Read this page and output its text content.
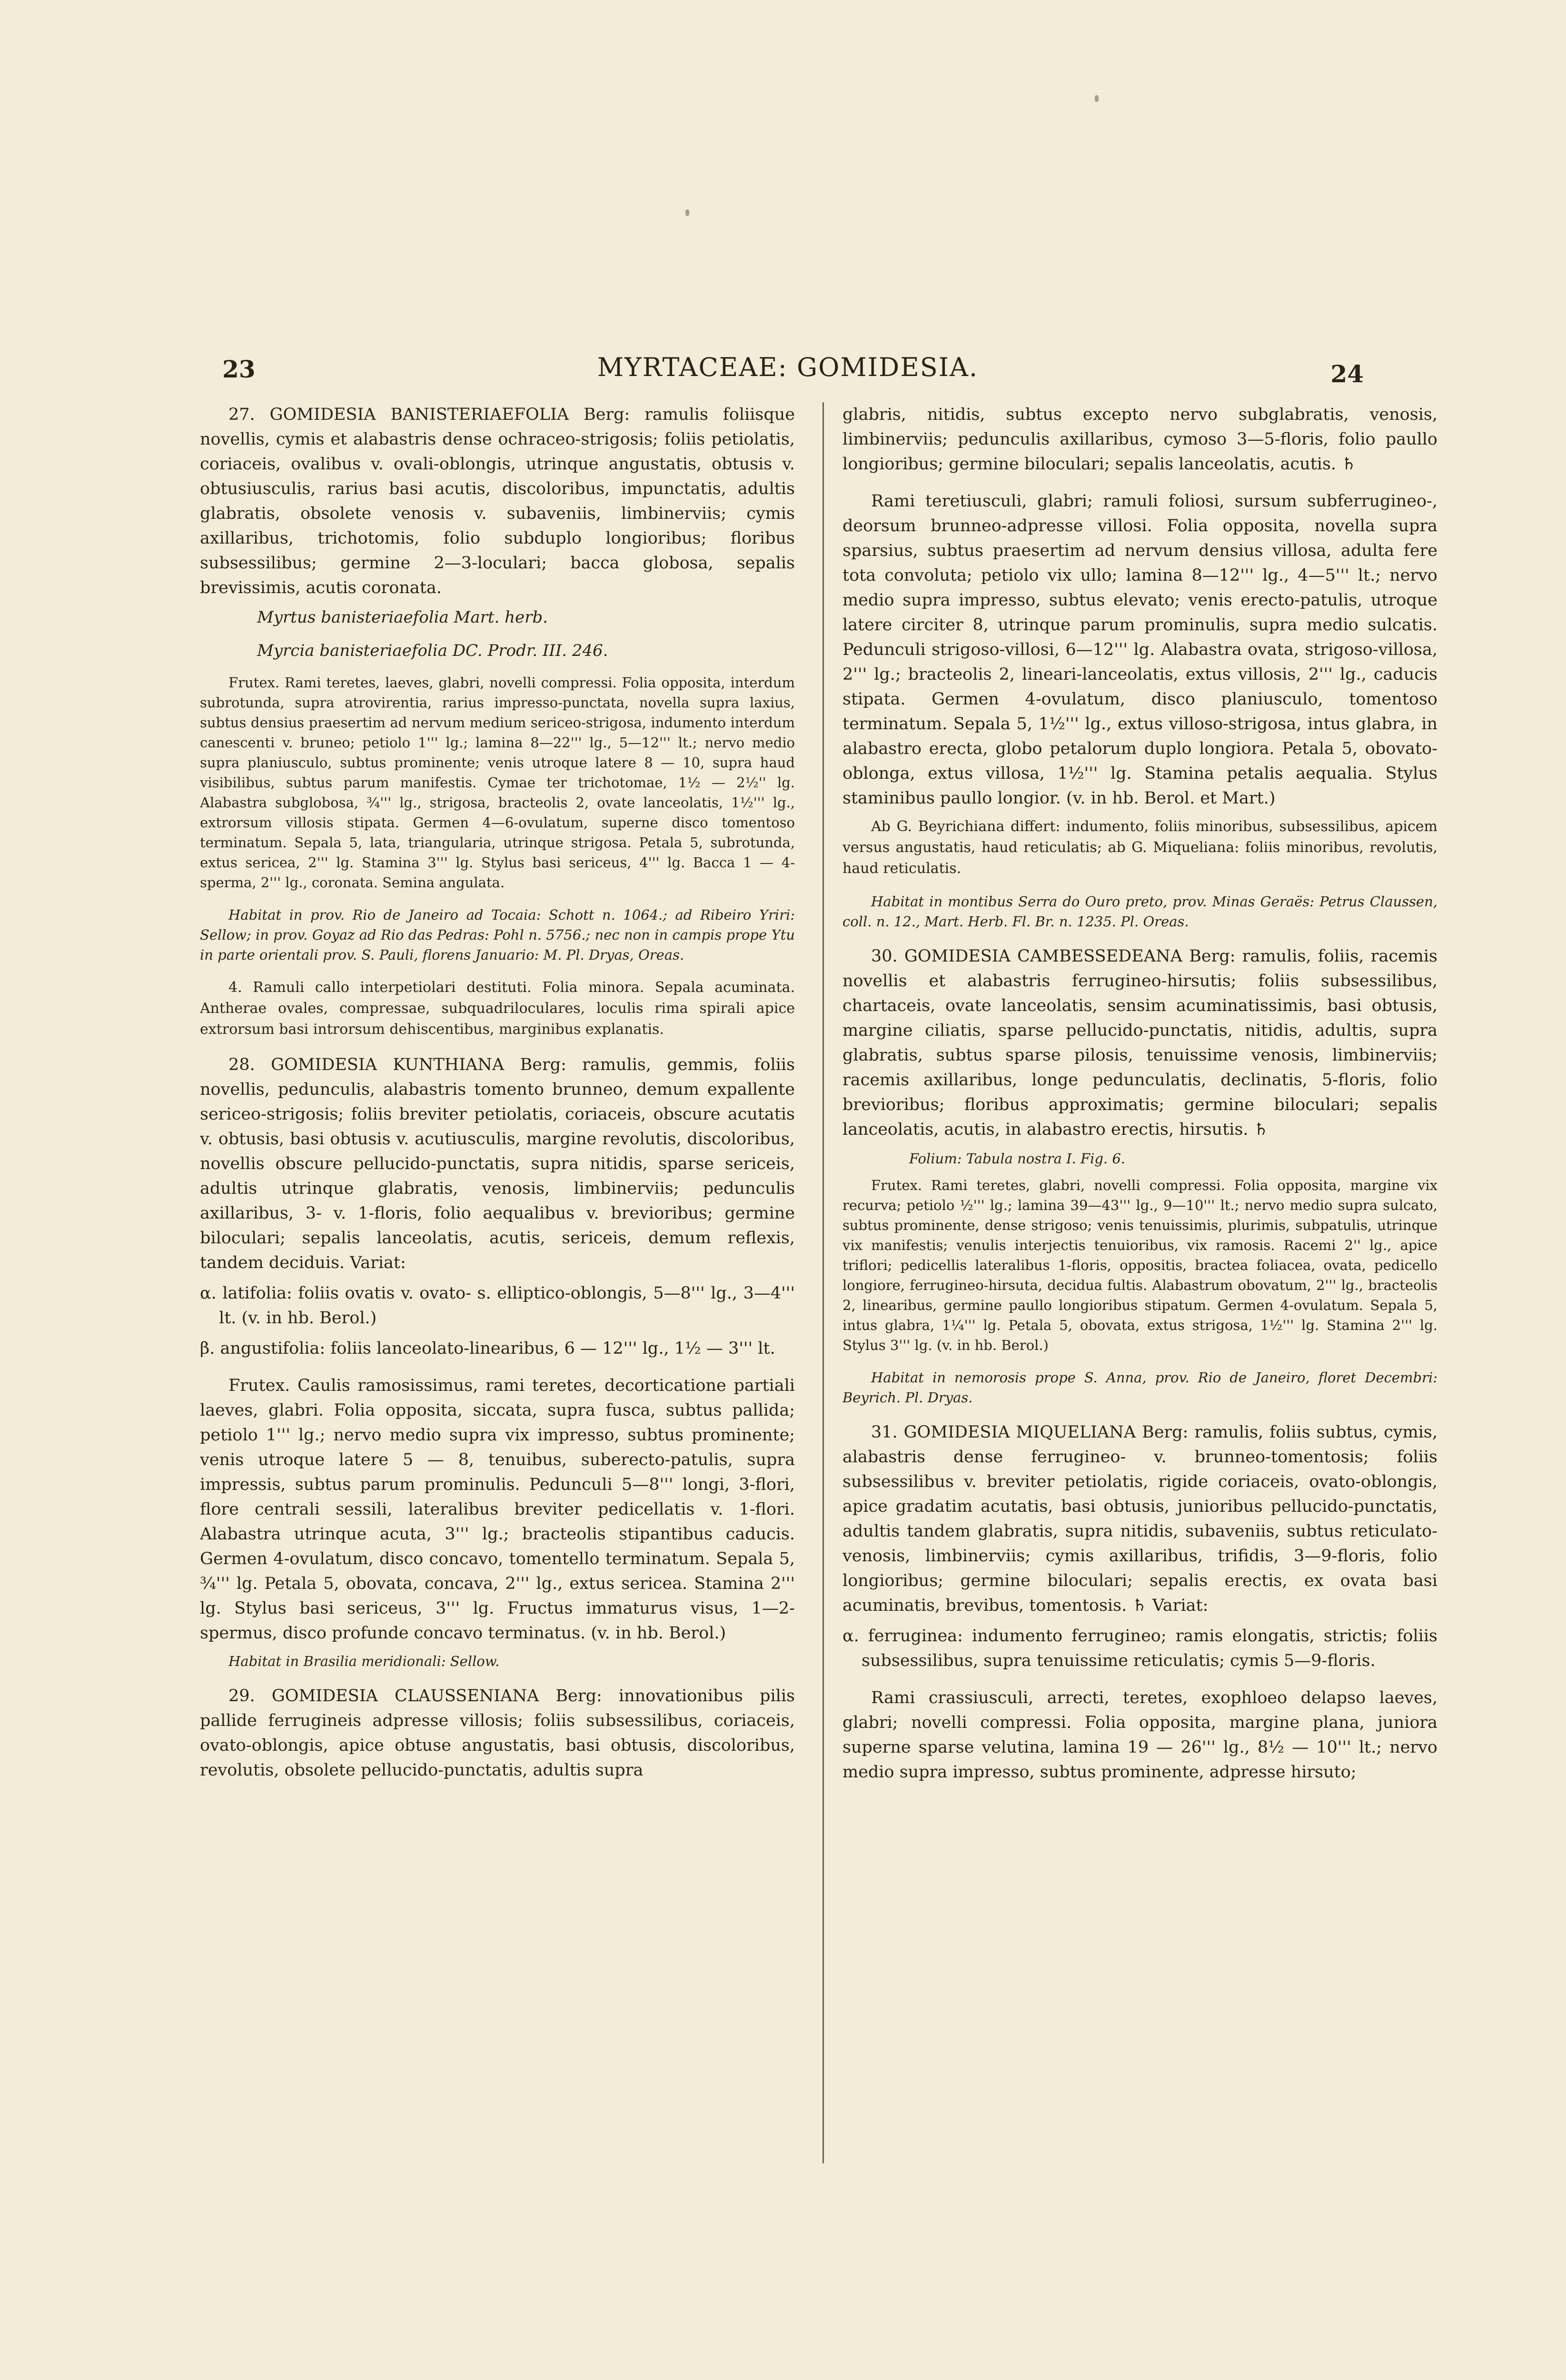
23	MYRTACEAE: GOMIDESIA.	24

27. GOMIDESIA BANISTERIAEFOLIA Berg: ramulis foliisque novellis, cymis et alabastris dense ochraceo-strigosis; foliis petiolatis, coriaceis, ovalibus v. ovali-oblongis, utrinque angustatis, obtusis v. obtusiusculis, rarius basi acutis, discoloribus, impunctatis, adultis glabratis, obsolete venosis v. subaveniis, limbinerviis; cymis axillaribus, trichotomis, folio subduplo longioribus; floribus subsessilibus; germine 2—3-loculari; bacca globosa, sepalis brevissimis, acutis coronata.

Myrtus banisteriaefolia Mart. herb.

Myrcia banisteriaefolia DC. Prodr. III. 246.

Frutex. Rami teretes, laeves, glabri, novelli compressi. Folia opposita, interdum subrotunda, supra atrovirentia, rarius impresso-punctata, novella supra laxius, subtus densius praesertim ad nervum medium sericeo-strigosa, indumento interdum canescenti v. bruneo; petiolo 1''' lg.; lamina 8—22''' lg., 5—12''' lt.; nervo medio supra planiusculo, subtus prominente; venis utroque latere 8 — 10, supra haud visibilibus, subtus parum manifestis. Cymae ter trichotomae, 1½ — 2½'' lg. Alabastra subglobosa, ¾''' lg., strigosa, bracteolis 2, ovate lanceolatis, 1½''' lg., extrorsum villosis stipata. Germen 4—6-ovulatum, superne disco tomentoso terminatum. Sepala 5, lata, triangularia, utrinque strigosa. Petala 5, subrotunda, extus sericea, 2''' lg. Stamina 3''' lg. Stylus basi sericeus, 4''' lg. Bacca 1 — 4-sperma, 2''' lg., coronata. Semina angulata.

Habitat in prov. Rio de Janeiro ad Tocaia: Schott n. 1064.; ad Ribeiro Yriri: Sellow; in prov. Goyaz ad Rio das Pedras: Pohl n. 5756.; nec non in campis prope Ytu in parte orientali prov. S. Pauli, florens Januario: M. Pl. Dryas, Oreas.

4. Ramuli callo interpetiolari destituti. Folia minora. Sepala acuminata. Antherae ovales, compressae, subquadriloculares, loculis rima spirali apice extrorsum basi introrsum dehiscentibus, marginibus explanatis.

28. GOMIDESIA KUNTHIANA Berg: ramulis, gemmis, foliis novellis, pedunculis, alabastris tomento brunneo, demum expallente sericeo-strigosis; foliis breviter petiolatis, coriaceis, obscure acutatis v. obtusis, basi obtusis v. acutiusculis, margine revolutis, discoloribus, novellis obscure pellucido-punctatis, supra nitidis, sparse sericeis, adultis utrinque glabratis, venosis, limbinerviis; pedunculis axillaribus, 3- v. 1-floris, folio aequalibus v. brevioribus; germine biloculari; sepalis lanceolatis, acutis, sericeis, demum reflexis, tandem deciduis. Variat:

α. latifolia: foliis ovatis v. ovato- s. elliptico-oblongis, 5—8''' lg., 3—4''' lt. (v. in hb. Berol.)

β. angustifolia: foliis lanceolato-linearibus, 6 — 12''' lg., 1½ — 3''' lt.

Frutex. Caulis ramosissimus, rami teretes, decorticatione partiali laeves, glabri. Folia opposita, siccata, supra fusca, subtus pallida; petiolo 1''' lg.; nervo medio supra vix impresso, subtus prominente; venis utroque latere 5 — 8, tenuibus, suberecto-patulis, supra impressis, subtus parum prominulis. Pedunculi 5—8''' longi, 3-flori, flore centrali sessili, lateralibus breviter pedicellatis v. 1-flori. Alabastra utrinque acuta, 3''' lg.; bracteolis stipantibus caducis. Germen 4-ovulatum, disco concavo, tomentello terminatum. Sepala 5, ¾''' lg. Petala 5, obovata, concava, 2''' lg., extus sericea. Stamina 2''' lg. Stylus basi sericeus, 3''' lg. Fructus immaturus visus, 1—2-spermus, disco profunde concavo terminatus. (v. in hb. Berol.)

Habitat in Brasilia meridionali: Sellow.

29. GOMIDESIA CLAUSSENIANA Berg: innovationibus pilis pallide ferrugineis adpresse villosis; foliis subsessilibus, coriaceis, ovato-oblongis, apice obtuse angustatis, basi obtusis, discoloribus, revolutis, obsolete pellucido-punctatis, adultis supra

glabris, nitidis, subtus excepto nervo subglabratis, venosis, limbinerviis; pedunculis axillaribus, cymoso 3—5-floris, folio paullo longioribus; germine biloculari; sepalis lanceolatis, acutis. ♄

Rami teretiusculi, glabri; ramuli foliosi, sursum subferrugineo-, deorsum brunneo-adpresse villosi. Folia opposita, novella supra sparsius, subtus praesertim ad nervum densius villosa, adulta fere tota convoluta; petiolo vix ullo; lamina 8—12''' lg., 4—5''' lt.; nervo medio supra impresso, subtus elevato; venis erecto-patulis, utroque latere circiter 8, utrinque parum prominulis, supra medio sulcatis. Pedunculi strigoso-villosi, 6—12''' lg. Alabastra ovata, strigoso-villosa, 2''' lg.; bracteolis 2, lineari-lanceolatis, extus villosis, 2''' lg., caducis stipata. Germen 4-ovulatum, disco planiusculo, tomentoso terminatum. Sepala 5, 1½''' lg., extus villoso-strigosa, intus glabra, in alabastro erecta, globo petalorum duplo longiora. Petala 5, obovato-oblonga, extus villosa, 1½''' lg. Stamina petalis aequalia. Stylus staminibus paullo longior. (v. in hb. Berol. et Mart.)

Ab G. Beyrichiana differt: indumento, foliis minoribus, subsessilibus, apicem versus angustatis, haud reticulatis; ab G. Miqueliana: foliis minoribus, revolutis, haud reticulatis.

Habitat in montibus Serra do Ouro preto, prov. Minas Geraës: Petrus Claussen, coll. n. 12., Mart. Herb. Fl. Br. n. 1235. Pl. Oreas.

30. GOMIDESIA CAMBESSEDEANA Berg: ramulis, foliis, racemis novellis et alabastris ferrugineo-hirsutis; foliis subsessilibus, chartaceis, ovate lanceolatis, sensim acuminatissimis, basi obtusis, margine ciliatis, sparse pellucido-punctatis, nitidis, adultis, supra glabratis, subtus sparse pilosis, tenuissime venosis, limbinerviis; racemis axillaribus, longe pedunculatis, declinatis, 5-floris, folio brevioribus; floribus approximatis; germine biloculari; sepalis lanceolatis, acutis, in alabastro erectis, hirsutis. ♄

Folium: Tabula nostra I. Fig. 6.

Frutex. Rami teretes, glabri, novelli compressi. Folia opposita, margine vix recurva; petiolo ½''' lg.; lamina 39—43''' lg., 9—10''' lt.; nervo medio supra sulcato, subtus prominente, dense strigoso; venis tenuissimis, plurimis, subpatulis, utrinque vix manifestis; venulis interjectis tenuioribus, vix ramosis. Racemi 2'' lg., apice triflori; pedicellis lateralibus 1-floris, oppositis, bractea foliacea, ovata, pedicello longiore, ferrugineo-hirsuta, decidua fultis. Alabastrum obovatum, 2''' lg., bracteolis 2, linearibus, germine paullo longioribus stipatum. Germen 4-ovulatum. Sepala 5, intus glabra, 1¼''' lg. Petala 5, obovata, extus strigosa, 1½''' lg. Stamina 2''' lg. Stylus 3''' lg. (v. in hb. Berol.)

Habitat in nemorosis prope S. Anna, prov. Rio de Janeiro, floret Decembri: Beyrich. Pl. Dryas.

31. GOMIDESIA MIQUELIANA Berg: ramulis, foliis subtus, cymis, alabastris dense ferrugineo- v. brunneo-tomentosis; foliis subsessilibus v. breviter petiolatis, rigide coriaceis, ovato-oblongis, apice gradatim acutatis, basi obtusis, junioribus pellucido-punctatis, adultis tandem glabratis, supra nitidis, subaveniis, subtus reticulato-venosis, limbinerviis; cymis axillaribus, trifidis, 3—9-floris, folio longioribus; germine biloculari; sepalis erectis, ex ovata basi acuminatis, brevibus, tomentosis. ♄ Variat:

α. ferruginea: indumento ferrugineo; ramis elongatis, strictis; foliis subsessilibus, supra tenuissime reticulatis; cymis 5—9-floris.

Rami crassiusculi, arrecti, teretes, exophloeo delapso laeves, glabri; novelli compressi. Folia opposita, margine plana, juniora superne sparse velutina, lamina 19 — 26''' lg., 8½ — 10''' lt.; nervo medio supra impresso, subtus prominente, adpresse hirsuto;
